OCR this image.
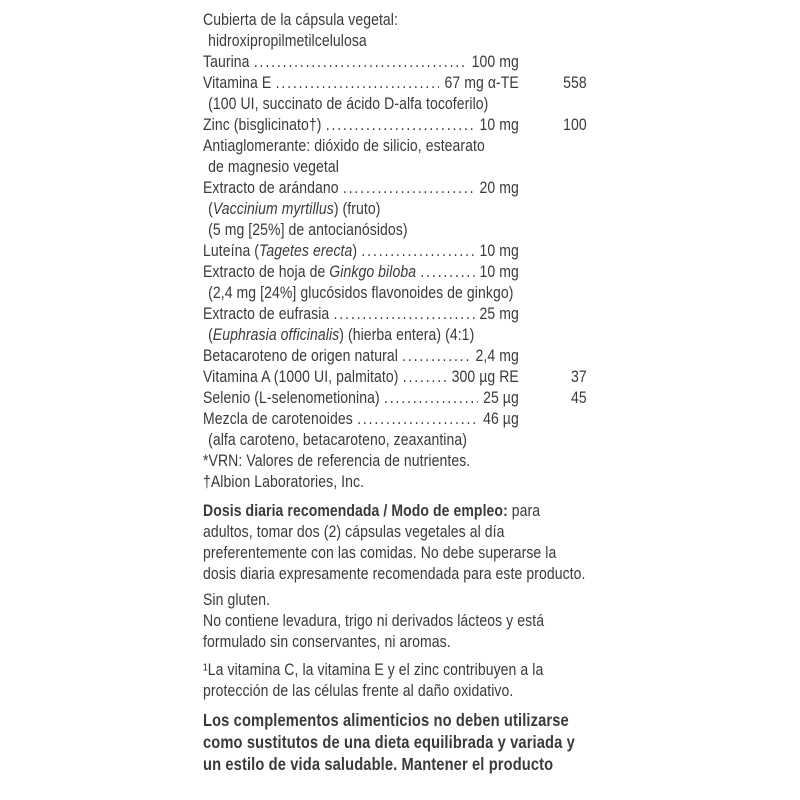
Cubierta de la cápsula vegetal:
hidroxipropilmetilcelulosa
Taurina .....	100 mg
Vitamina E .....	67 mg α-TE	558
(100 UI, succinato de ácido D-alfa tocoferilo)
Zinc (bisglicinato†) .....	10 mg	100
Antiaglomerante: dióxido de silicio, estearato
de magnesio vegetal
Extracto de arándano .....	20 mg
(Vaccinium myrtillus) (fruto)
(5 mg [25%] de antocianósidos)
Luteína (Tagetes erecta) .....	10 mg
Extracto de hoja de Ginkgo biloba .....	10 mg
(2,4 mg [24%] glucósidos flavonoides de ginkgo)
Extracto de eufrasia .....	25 mg
(Euphrasia officinalis) (hierba entera) (4:1)
Betacaroteno de origen natural .....	2,4 mg
Vitamina A (1000 UI, palmitato) .....	300 µg RE	37
Selenio (L-selenometionina) .....	25 µg	45
Mezcla de carotenoides .....	46 µg
(alfa caroteno, betacaroteno, zeaxantina)
*VRN: Valores de referencia de nutrientes.
†Albion Laboratories, Inc.
Dosis diaria recomendada / Modo de empleo: para
adultos, tomar dos (2) cápsulas vegetales al día
preferentemente con las comidas. No debe superarse la
dosis diaria expresamente recomendada para este producto.
Sin gluten.
No contiene levadura, trigo ni derivados lácteos y está
formulado sin conservantes, ni aromas.
¹La vitamina C, la vitamina E y el zinc contribuyen a la
protección de las células frente al daño oxidativo.
Los complementos alimenticios no deben utilizarse
como sustitutos de una dieta equilibrada y variada y
un estilo de vida saludable. Mantener el producto
